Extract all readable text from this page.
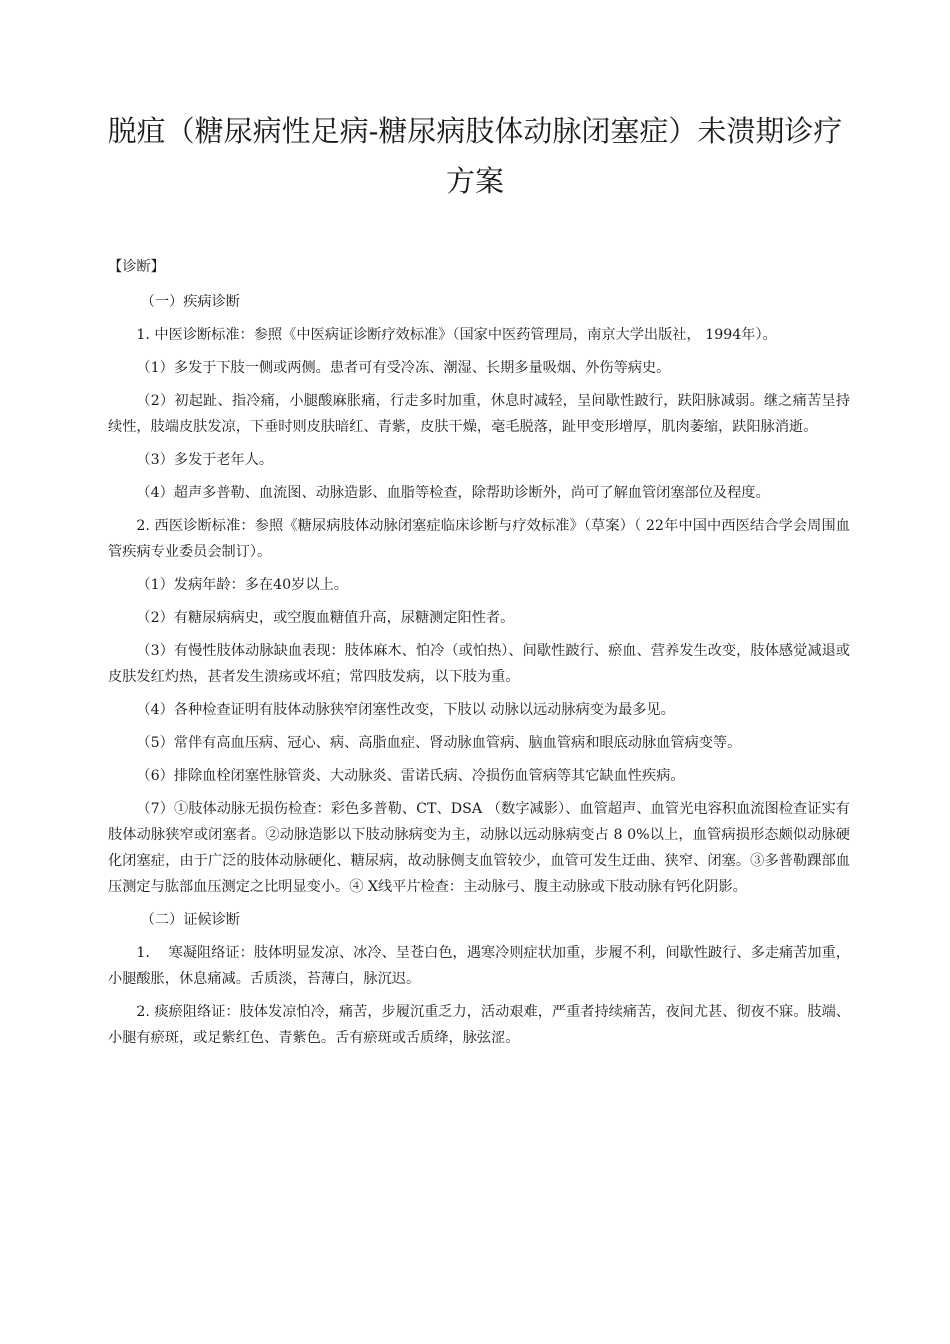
脱疽（糖尿病性足病-糖尿病肢体动脉闭塞症）未溃期诊疗
方案

【诊断】

（一）疾病诊断

1. 中医诊断标准：参照《中医病证诊断疗效标准》（国家中医药管理局，南京大学出版社， 1994年）。

（1）多发于下肢一侧或两侧。患者可有受冷冻、潮湿、长期多量吸烟、外伤等病史。

（2）初起趾、指冷痛，小腿酸麻胀痛，行走多时加重，休息时减轻，呈间歇性跛行，趺阳脉减弱。继之痛苦呈持续性，肢端皮肤发凉，下垂时则皮肤暗红、青紫，皮肤干燥，毫毛脱落，趾甲变形增厚，肌肉萎缩，趺阳脉消逝。

（3）多发于老年人。

（4）超声多普勒、血流图、动脉造影、血脂等检查，除帮助诊断外，尚可了解血管闭塞部位及程度。

2. 西医诊断标准：参照《糖尿病肢体动脉闭塞症临床诊断与疗效标准》（草案）（ 22年中国中西医结合学会周围血管疾病专业委员会制订）。

（1）发病年龄：多在40岁以上。

（2）有糖尿病病史，或空腹血糖值升高，尿糖测定阳性者。

（3）有慢性肢体动脉缺血表现：肢体麻木、怕冷（或怕热）、间歇性跛行、瘀血、营养发生改变，肢体感觉减退或皮肤发红灼热，甚者发生溃疡或坏疽；常四肢发病，以下肢为重。

（4）各种检查证明有肢体动脉狭窄闭塞性改变，下肢以 动脉以远动脉病变为最多见。

（5）常伴有高血压病、冠心、病、高脂血症、肾动脉血管病、脑血管病和眼底动脉血管病变等。

（6）排除血栓闭塞性脉管炎、大动脉炎、雷诺氏病、冷损伤血管病等其它缺血性疾病。

（7）①肢体动脉无损伤检查：彩色多普勒、CT、DSA （数字减影）、血管超声、血管光电容积血流图检查证实有肢体动脉狭窄或闭塞者。②动脉造影以下肢动脉病变为主，动脉以远动脉病变占 8 0%以上，血管病损形态颇似动脉硬化闭塞症，由于广泛的肢体动脉硬化、糖尿病，故动脉侧支血管较少，血管可发生迂曲、狭窄、闭塞。③多普勒踝部血压测定与肱部血压测定之比明显变小。④ X线平片检查：主动脉弓、腹主动脉或下肢动脉有钙化阴影。

（二）证候诊断

1.　 寒凝阻络证：肢体明显发凉、冰冷、呈苍白色，遇寒冷则症状加重，步履不利，间歇性跛行、多走痛苦加重，小腿酸胀，休息痛减。舌质淡，苔薄白，脉沉迟。

2. 痰瘀阻络证：肢体发凉怕冷，痛苦，步履沉重乏力，活动艰难，严重者持续痛苦，夜间尤甚、彻夜不寐。肢端、小腿有瘀斑，或足紫红色、青紫色。舌有瘀斑或舌质绛，脉弦涩。
